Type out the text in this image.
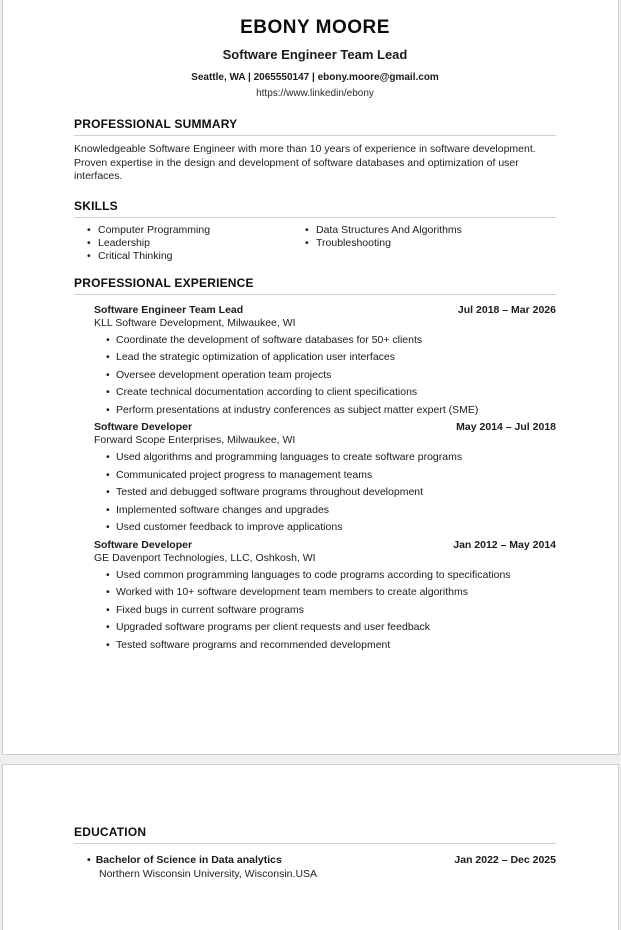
EBONY MOORE
Software Engineer Team Lead
Seattle, WA | 2065550147 | ebony.moore@gmail.com
https://www.linkedin/ebony
PROFESSIONAL SUMMARY

Knowledgeable Software Engineer with more than 10 years of experience in software development. Proven expertise in the design and development of software databases and optimization of user interfaces.

SKILLS
• Computer Programming
• Leadership
• Critical Thinking
• Data Structures And Algorithms
• Troubleshooting
PROFESSIONAL EXPERIENCE
Software Engineer Team Lead	Jul 2018 – Mar 2026
KLL Software Development, Milwaukee, WI
• Coordinate the development of software databases for 50+ clients
• Lead the strategic optimization of application user interfaces
• Oversee development operation team projects
• Create technical documentation according to client specifications
• Perform presentations at industry conferences as subject matter expert (SME)
Software Developer	May 2014 – Jul 2018
Forward Scope Enterprises, Milwaukee, WI
• Used algorithms and programming languages to create software programs
• Communicated project progress to management teams
• Tested and debugged software programs throughout development
• Implemented software changes and upgrades
• Used customer feedback to improve applications
Software Developer	Jan 2012 – May 2014
GE Davenport Technologies, LLC, Oshkosh, WI
• Used common programming languages to code programs according to specifications
• Worked with 10+ software development team members to create algorithms
• Fixed bugs in current software programs
• Upgraded software programs per client requests and user feedback
• Tested software programs and recommended development
EDUCATION
• Bachelor of Science in Data analytics	Jan 2022 – Dec 2025
Northern Wisconsin University, Wisconsin.USA
